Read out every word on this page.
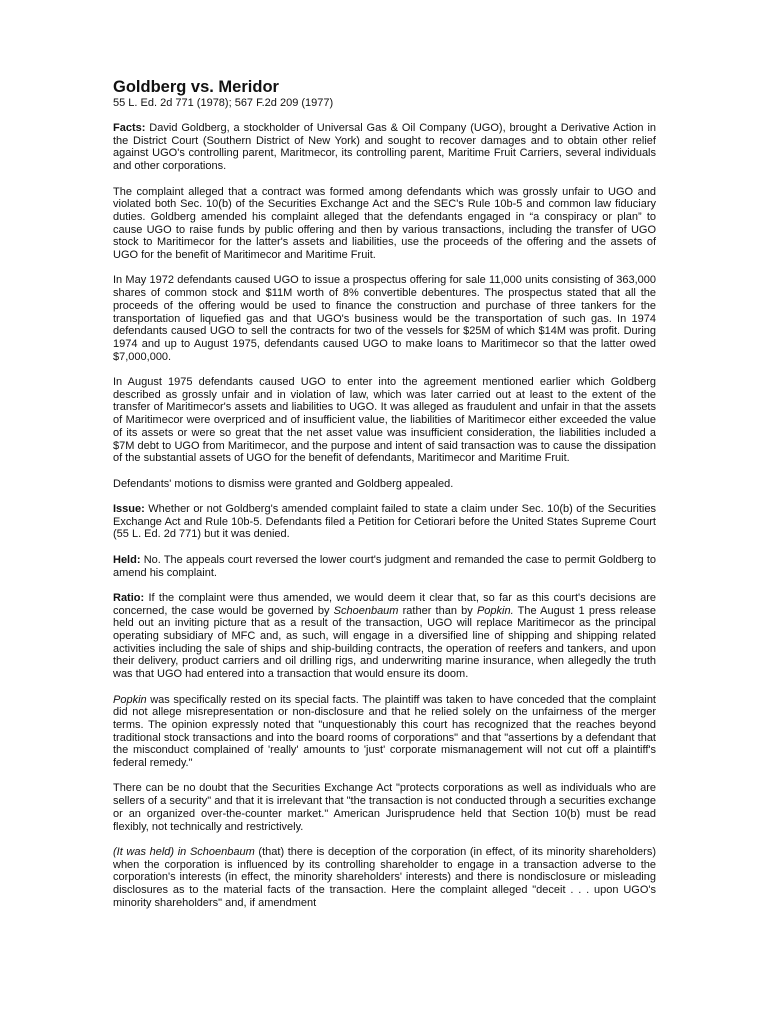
Goldberg vs. Meridor
55 L. Ed. 2d 771 (1978); 567 F.2d 209 (1977)

Facts: David Goldberg, a stockholder of Universal Gas & Oil Company (UGO), brought a Derivative Action in the District Court (Southern District of New York) and sought to recover damages and to obtain other relief against UGO's controlling parent, Maritmecor, its controlling parent, Maritime Fruit Carriers, several individuals and other corporations.

The complaint alleged that a contract was formed among defendants which was grossly unfair to UGO and violated both Sec. 10(b) of the Securities Exchange Act and the SEC's Rule 10b-5 and common law fiduciary duties. Goldberg amended his complaint alleged that the defendants engaged in “a conspiracy or plan” to cause UGO to raise funds by public offering and then by various transactions, including the transfer of UGO stock to Maritimecor for the latter's assets and liabilities, use the proceeds of the offering and the assets of UGO for the benefit of Maritimecor and Maritime Fruit.

In May 1972 defendants caused UGO to issue a prospectus offering for sale 11,000 units consisting of 363,000 shares of common stock and $11M worth of 8% convertible debentures. The prospectus stated that all the proceeds of the offering would be used to finance the construction and purchase of three tankers for the transportation of liquefied gas and that UGO's business would be the transportation of such gas. In 1974 defendants caused UGO to sell the contracts for two of the vessels for $25M of which $14M was profit. During 1974 and up to August 1975, defendants caused UGO to make loans to Maritimecor so that the latter owed $7,000,000.

In August 1975 defendants caused UGO to enter into the agreement mentioned earlier which Goldberg described as grossly unfair and in violation of law, which was later carried out at least to the extent of the transfer of Maritimecor's assets and liabilities to UGO. It was alleged as fraudulent and unfair in that the assets of Maritimecor were overpriced and of insufficient value, the liabilities of Maritimecor either exceeded the value of its assets or were so great that the net asset value was insufficient consideration, the liabilities included a $7M debt to UGO from Maritimecor, and the purpose and intent of said transaction was to cause the dissipation of the substantial assets of UGO for the benefit of defendants, Maritimecor and Maritime Fruit.

Defendants' motions to dismiss were granted and Goldberg appealed.

Issue: Whether or not Goldberg's amended complaint failed to state a claim under Sec. 10(b) of the Securities Exchange Act and Rule 10b-5. Defendants filed a Petition for Cetiorari before the United States Supreme Court (55 L. Ed. 2d 771) but it was denied.

Held: No. The appeals court reversed the lower court's judgment and remanded the case to permit Goldberg to amend his complaint.

Ratio: If the complaint were thus amended, we would deem it clear that, so far as this court's decisions are concerned, the case would be governed by Schoenbaum rather than by Popkin. The August 1 press release held out an inviting picture that as a result of the transaction, UGO will replace Maritimecor as the principal operating subsidiary of MFC and, as such, will engage in a diversified line of shipping and shipping related activities including the sale of ships and ship-building contracts, the operation of reefers and tankers, and upon their delivery, product carriers and oil drilling rigs, and underwriting marine insurance, when allegedly the truth was that UGO had entered into a transaction that would ensure its doom.

Popkin was specifically rested on its special facts. The plaintiff was taken to have conceded that the complaint did not allege misrepresentation or non-disclosure and that he relied solely on the unfairness of the merger terms. The opinion expressly noted that "unquestionably this court has recognized that the reaches beyond traditional stock transactions and into the board rooms of corporations" and that "assertions by a defendant that the misconduct complained of 'really' amounts to 'just' corporate mismanagement will not cut off a plaintiff's federal remedy."

There can be no doubt that the Securities Exchange Act "protects corporations as well as individuals who are sellers of a security" and that it is irrelevant that "the transaction is not conducted through a securities exchange or an organized over-the-counter market." American Jurisprudence held that Section 10(b) must be read flexibly, not technically and restrictively.

(It was held) in Schoenbaum (that) there is deception of the corporation (in effect, of its minority shareholders) when the corporation is influenced by its controlling shareholder to engage in a transaction adverse to the corporation's interests (in effect, the minority shareholders' interests) and there is nondisclosure or misleading disclosures as to the material facts of the transaction. Here the complaint alleged "deceit . . . upon UGO's minority shareholders" and, if amendment
